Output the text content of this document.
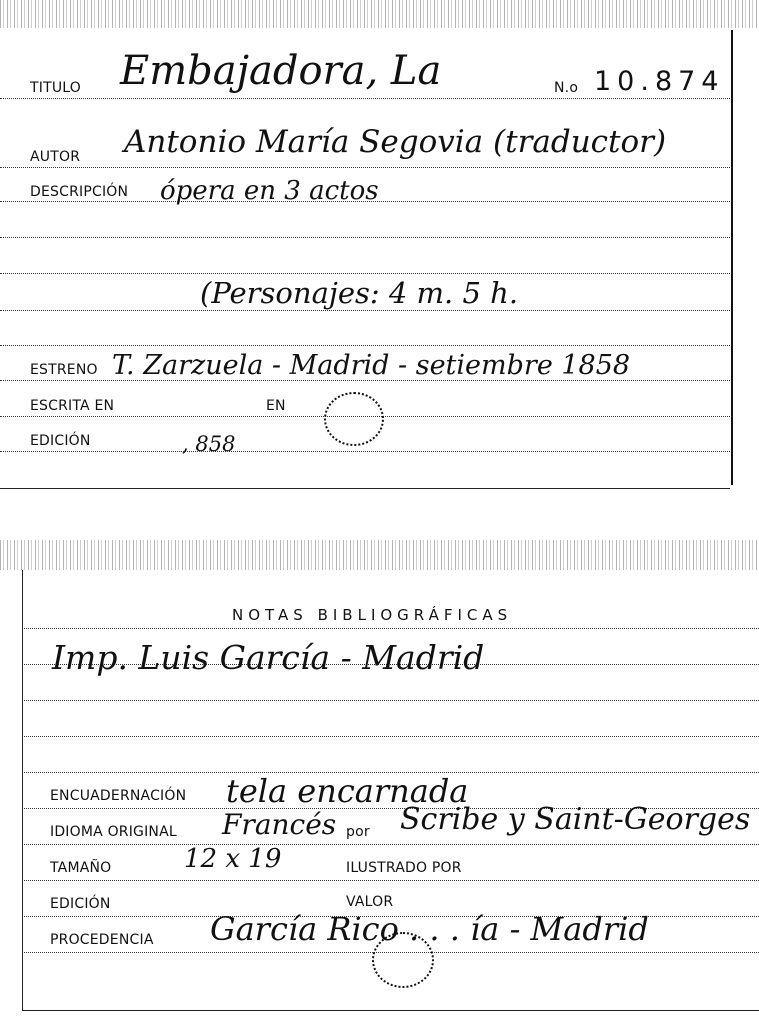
TITULO Embajadora, La	N.o 10.874
AUTOR Antonio María Segovia (traductor)
DESCRIPCIÓN ópera en 3 actos
(Personajes: 4 m. 5 h.
ESTRENO T. Zarzuela - Madrid - setiembre 1858
ESCRITA EN	EN
EDICIÓN	, 858
NOTAS BIBLIOGRÁFICAS
Imp. Luis García - Madrid
ENCUADERNACIÓN tela encarnada
IDIOMA ORIGINAL Francés por Scribe y Saint-Georges
TAMAÑO	12 x 19	ILUSTRADO POR
EDICIÓN	VALOR
PROCEDENCIA García Rico . . . ía - Madrid
